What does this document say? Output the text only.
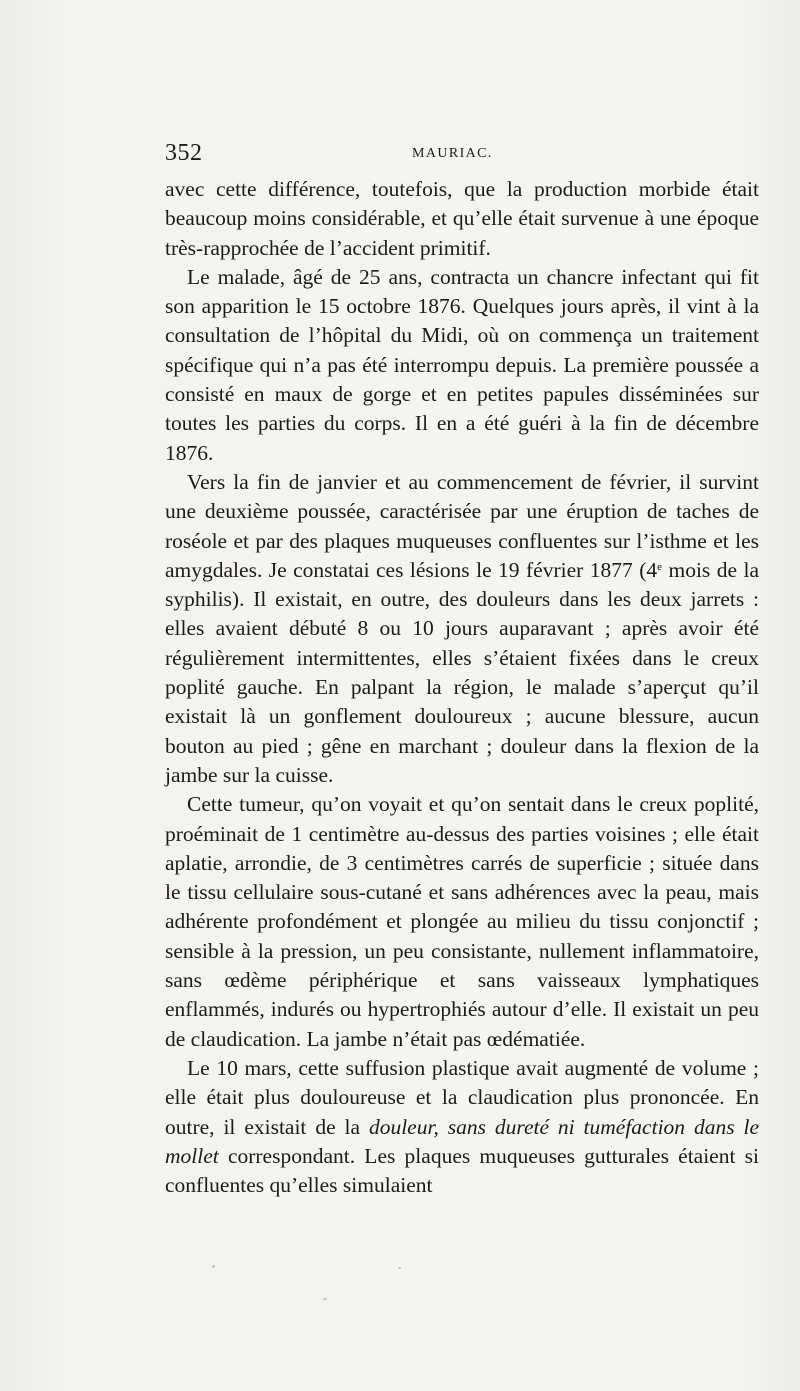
352	MAURIAC.

avec cette différence, toutefois, que la production morbide était beaucoup moins considérable, et qu’elle était survenue à une époque très-rapprochée de l’accident primitif.

Le malade, âgé de 25 ans, contracta un chancre infectant qui fit son apparition le 15 octobre 1876. Quelques jours après, il vint à la consultation de l’hôpital du Midi, où on commença un traitement spécifique qui n’a pas été interrompu depuis. La première poussée a consisté en maux de gorge et en petites papules disséminées sur toutes les parties du corps. Il en a été guéri à la fin de décembre 1876.

Vers la fin de janvier et au commencement de février, il survint une deuxième poussée, caractérisée par une éruption de taches de roséole et par des plaques muqueuses confluentes sur l’isthme et les amygdales. Je constatai ces lésions le 19 février 1877 (4e mois de la syphilis). Il existait, en outre, des douleurs dans les deux jarrets : elles avaient débuté 8 ou 10 jours auparavant ; après avoir été régulièrement intermittentes, elles s’étaient fixées dans le creux poplité gauche. En palpant la région, le malade s’aperçut qu’il existait là un gonflement douloureux ; aucune blessure, aucun bouton au pied ; gêne en marchant ; douleur dans la flexion de la jambe sur la cuisse.

Cette tumeur, qu’on voyait et qu’on sentait dans le creux poplité, proéminait de 1 centimètre au-dessus des parties voisines ; elle était aplatie, arrondie, de 3 centimètres carrés de superficie ; située dans le tissu cellulaire sous-cutané et sans adhérences avec la peau, mais adhérente profondément et plongée au milieu du tissu conjonctif ; sensible à la pression, un peu consistante, nullement inflammatoire, sans œdème périphérique et sans vaisseaux lymphatiques enflammés, indurés ou hypertrophiés autour d’elle. Il existait un peu de claudication. La jambe n’était pas œdématiée.

Le 10 mars, cette suffusion plastique avait augmenté de volume ; elle était plus douloureuse et la claudication plus prononcée. En outre, il existait de la douleur, sans dureté ni tuméfaction dans le mollet correspondant. Les plaques muqueuses gutturales étaient si confluentes qu’elles simulaient
